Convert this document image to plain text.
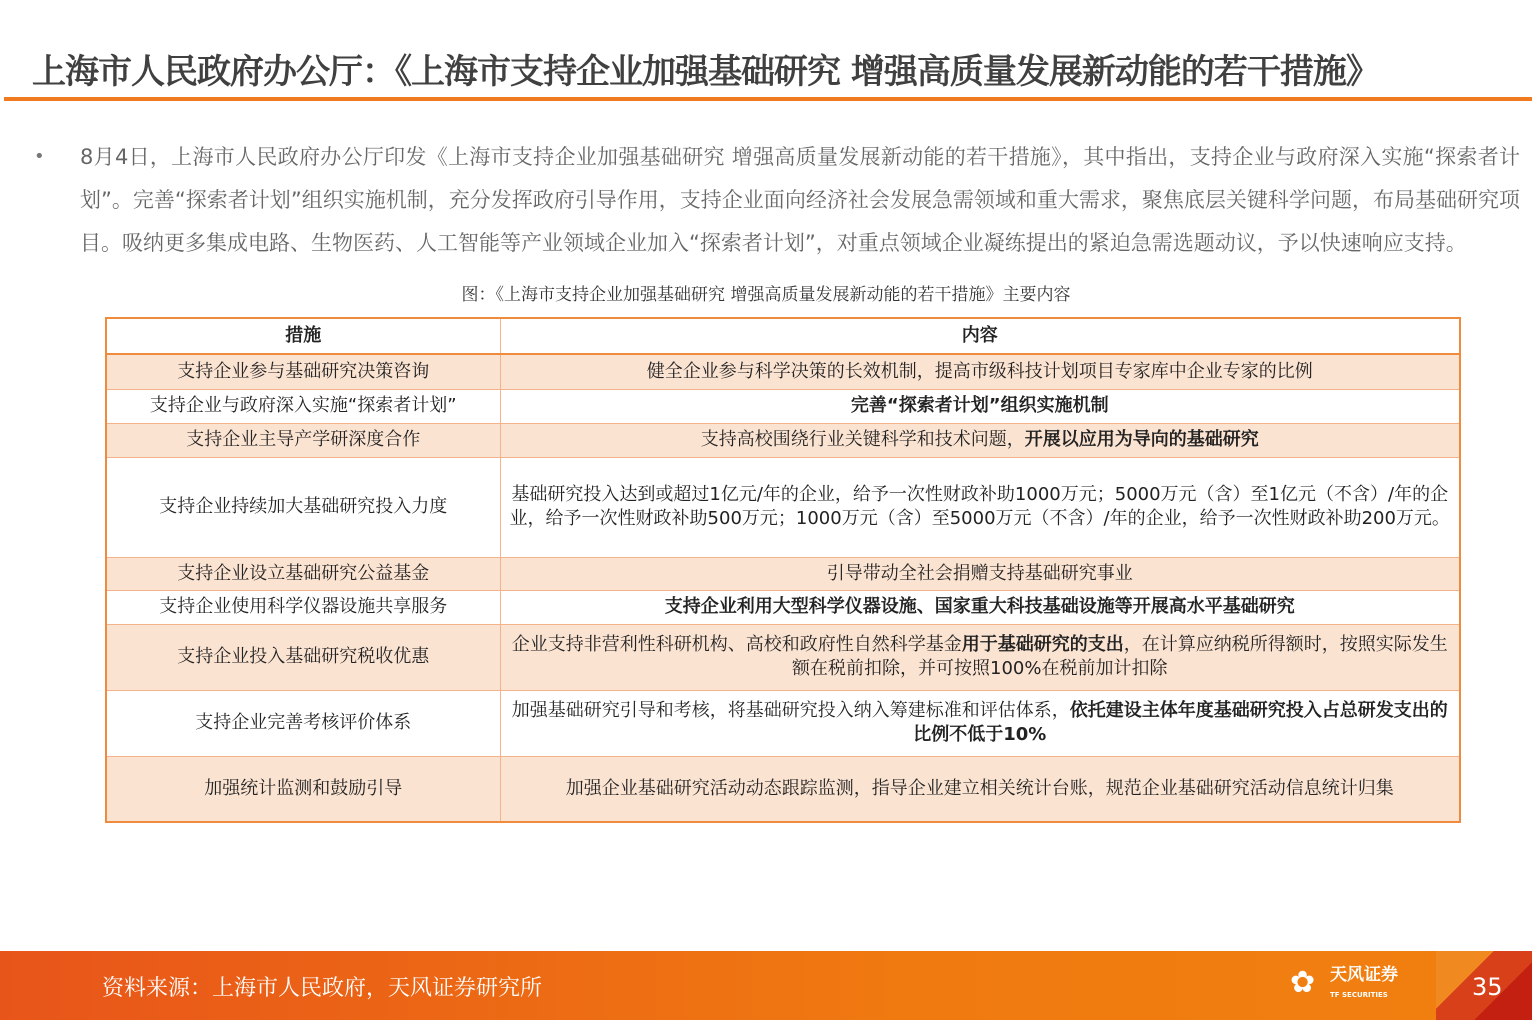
上海市人民政府办公厅：《上海市支持企业加强基础研究 增强高质量发展新动能的若干措施》
• 8月4日，上海市人民政府办公厅印发《上海市支持企业加强基础研究 增强高质量发展新动能的若干措施》，其中指出，支持企业与政府深入实施“探索者计划”。完善“探索者计划”组织实施机制，充分发挥政府引导作用，支持企业面向经济社会发展急需领域和重大需求，聚焦底层关键科学问题，布局基础研究项目。吸纳更多集成电路、生物医药、人工智能等产业领域企业加入“探索者计划”，对重点领域企业凝练提出的紧迫急需选题动议，予以快速响应支持。
图：《上海市支持企业加强基础研究 增强高质量发展新动能的若干措施》主要内容
措施	内容
支持企业参与基础研究决策咨询	健全企业参与科学决策的长效机制，提高市级科技计划项目专家库中企业专家的比例
支持企业与政府深入实施“探索者计划”	完善“探索者计划”组织实施机制
支持企业主导产学研深度合作	支持高校围绕行业关键科学和技术问题，开展以应用为导向的基础研究
支持企业持续加大基础研究投入力度	基础研究投入达到或超过1亿元/年的企业，给予一次性财政补助1000万元；5000万元（含）至1亿元（不含）/年的企业，给予一次性财政补助500万元；1000万元（含）至5000万元（不含）/年的企业，给予一次性财政补助200万元。
支持企业设立基础研究公益基金	引导带动全社会捐赠支持基础研究事业
支持企业使用科学仪器设施共享服务	支持企业利用大型科学仪器设施、国家重大科技基础设施等开展高水平基础研究
支持企业投入基础研究税收优惠	企业支持非营利性科研机构、高校和政府性自然科学基金用于基础研究的支出，在计算应纳税所得额时，按照实际发生额在税前扣除，并可按照100%在税前加计扣除
支持企业完善考核评价体系	加强基础研究引导和考核，将基础研究投入纳入筹建标准和评估体系，依托建设主体年度基础研究投入占总研发支出的比例不低于10%
加强统计监测和鼓励引导	加强企业基础研究活动动态跟踪监测，指导企业建立相关统计台账，规范企业基础研究活动信息统计归集
资料来源：上海市人民政府，天风证券研究所	✿ 天风证券
TF SECURITIES	35
